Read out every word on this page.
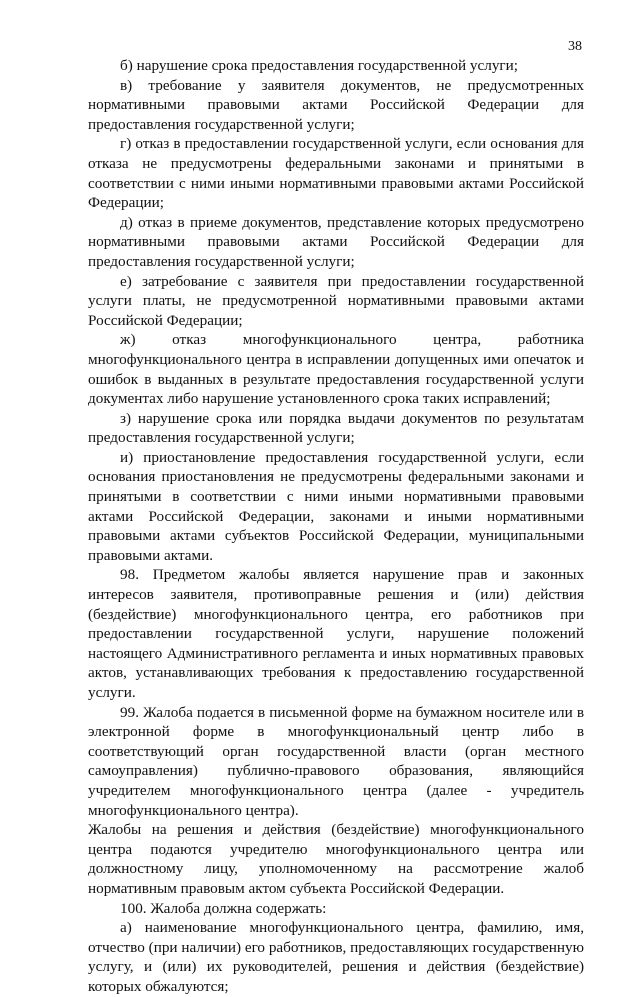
38

б) нарушение срока предоставления государственной услуги;

в) требование у заявителя документов, не предусмотренных нормативными правовыми актами Российской Федерации для предоставления государственной услуги;

г) отказ в предоставлении государственной услуги, если основания для отказа не предусмотрены федеральными законами и принятыми в соответствии с ними иными нормативными правовыми актами Российской Федерации;

д) отказ в приеме документов, представление которых предусмотрено нормативными правовыми актами Российской Федерации для предоставления государственной услуги;

е) затребование с заявителя при предоставлении государственной услуги платы, не предусмотренной нормативными правовыми актами Российской Федерации;

ж) отказ многофункционального центра, работника многофункционального центра в исправлении допущенных ими опечаток и ошибок в выданных в результате предоставления государственной услуги документах либо нарушение установленного срока таких исправлений;

з) нарушение срока или порядка выдачи документов по результатам предоставления государственной услуги;

и) приостановление предоставления государственной услуги, если основания приостановления не предусмотрены федеральными законами и принятыми в соответствии с ними иными нормативными правовыми актами Российской Федерации, законами и иными нормативными правовыми актами субъектов Российской Федерации, муниципальными правовыми актами.

98. Предметом жалобы является нарушение прав и законных интересов заявителя, противоправные решения и (или) действия (бездействие) многофункционального центра, его работников при предоставлении государственной услуги, нарушение положений настоящего Административного регламента и иных нормативных правовых актов, устанавливающих требования к предоставлению государственной услуги.

99. Жалоба подается в письменной форме на бумажном носителе или в электронной форме в многофункциональный центр либо в соответствующий орган государственной власти (орган местного самоуправления) публично-правового образования, являющийся учредителем многофункционального центра (далее - учредитель многофункционального центра).

Жалобы на решения и действия (бездействие) многофункционального центра подаются учредителю многофункционального центра или должностному лицу, уполномоченному на рассмотрение жалоб нормативным правовым актом субъекта Российской Федерации.

100. Жалоба должна содержать:

а) наименование многофункционального центра, фамилию, имя, отчество (при наличии) его работников, предоставляющих государственную услугу, и (или) их руководителей, решения и действия (бездействие) которых обжалуются;
